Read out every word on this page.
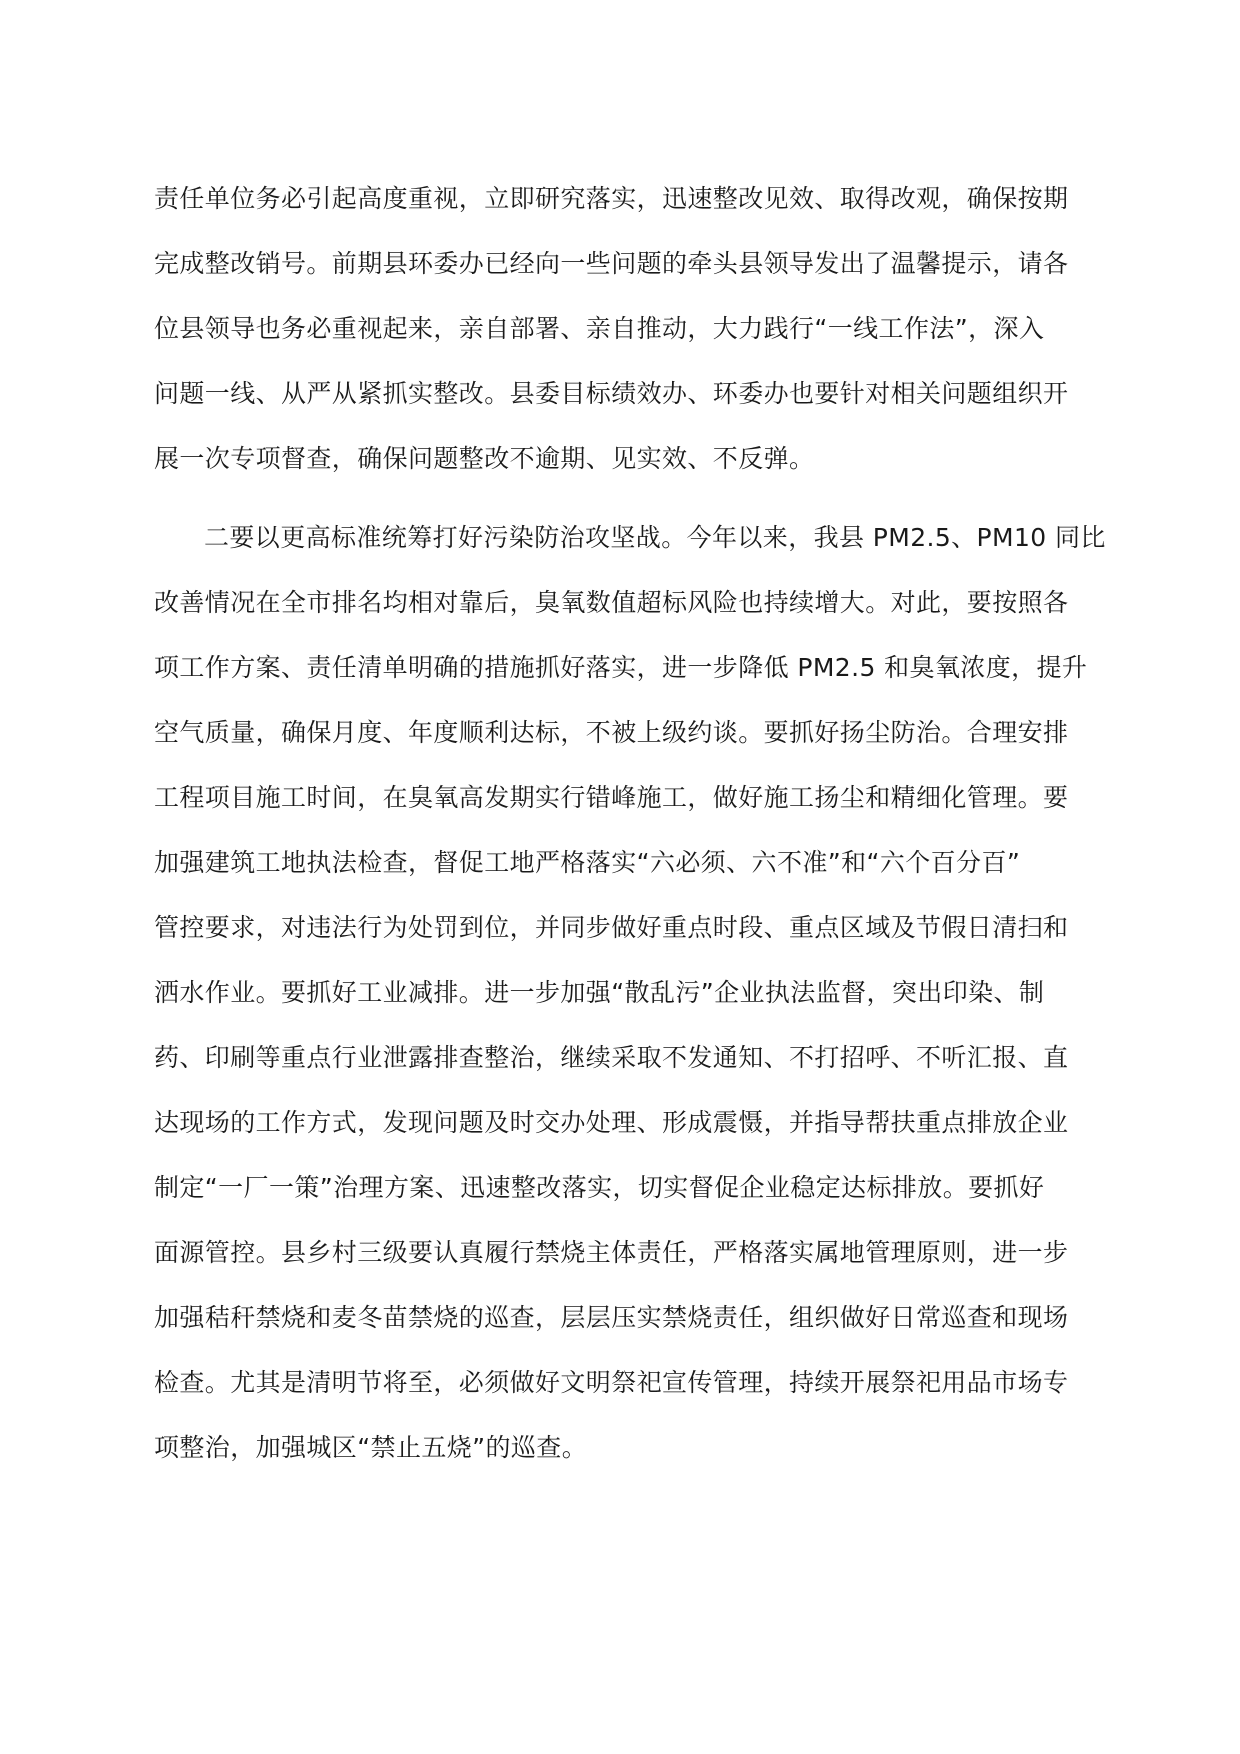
责任单位务必引起高度重视，立即研究落实，迅速整改见效、取得改观，确保按期
完成整改销号。前期县环委办已经向一些问题的牵头县领导发出了温馨提示，请各
位县领导也务必重视起来，亲自部署、亲自推动，大力践行“一线工作法”，深入
问题一线、从严从紧抓实整改。县委目标绩效办、环委办也要针对相关问题组织开
展一次专项督查，确保问题整改不逾期、见实效、不反弹。
二要以更高标准统筹打好污染防治攻坚战。今年以来，我县 PM2.5、PM10 同比
改善情况在全市排名均相对靠后，臭氧数值超标风险也持续增大。对此，要按照各
项工作方案、责任清单明确的措施抓好落实，进一步降低 PM2.5 和臭氧浓度，提升
空气质量，确保月度、年度顺利达标，不被上级约谈。要抓好扬尘防治。合理安排
工程项目施工时间，在臭氧高发期实行错峰施工，做好施工扬尘和精细化管理。要
加强建筑工地执法检查，督促工地严格落实“六必须、六不准”和“六个百分百”
管控要求，对违法行为处罚到位，并同步做好重点时段、重点区域及节假日清扫和
洒水作业。要抓好工业减排。进一步加强“散乱污”企业执法监督，突出印染、制
药、印刷等重点行业泄露排查整治，继续采取不发通知、不打招呼、不听汇报、直
达现场的工作方式，发现问题及时交办处理、形成震慑，并指导帮扶重点排放企业
制定“一厂一策”治理方案、迅速整改落实，切实督促企业稳定达标排放。要抓好
面源管控。县乡村三级要认真履行禁烧主体责任，严格落实属地管理原则，进一步
加强秸秆禁烧和麦冬苗禁烧的巡查，层层压实禁烧责任，组织做好日常巡查和现场
检查。尤其是清明节将至，必须做好文明祭祀宣传管理，持续开展祭祀用品市场专
项整治，加强城区“禁止五烧”的巡查。
